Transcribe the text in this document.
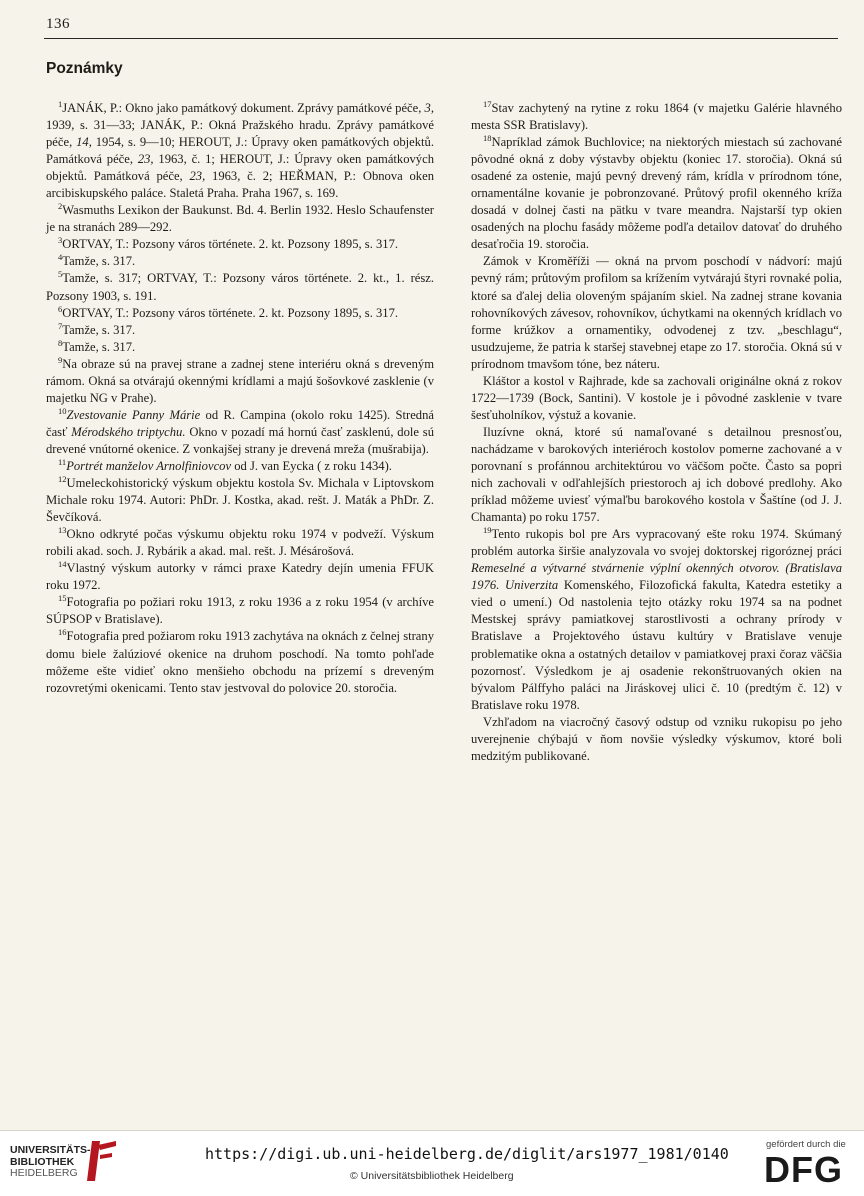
136
Poznámky

$^1$JANÁK, P.: Okno jako památkový dokument. Zprávy památkové péče, 3, 1939, s. 31—33; JANÁK, P.: Okná Pražského hradu. Zprávy památkové péče, 14, 1954, s. 9—10; HEROUT, J.: Úpravy oken památkových objektů. Památková péče, 23, 1963, č. 1; HEROUT, J.: Úpravy oken památkových objektů. Památková péče, 23, 1963, č. 2; HEŘMAN, P.: Obnova oken arcibiskupského paláce. Staletá Praha. Praha 1967, s. 169.

$^2$Wasmuths Lexikon der Baukunst. Bd. 4. Berlin 1932. Heslo Schaufenster je na stranách 289—292.

$^3$ORTVAY, T.: Pozsony város története. 2. kt. Pozsony 1895, s. 317.

$^4$Tamže, s. 317.

$^5$Tamže, s. 317; ORTVAY, T.: Pozsony város története. 2. kt., 1. rész. Pozsony 1903, s. 191.

$^6$ORTVAY, T.: Pozsony város története. 2. kt. Pozsony 1895, s. 317.

$^7$Tamže, s. 317.

$^8$Tamže, s. 317.

$^9$Na obraze sú na pravej strane a zadnej stene interiéru okná s dreveným rámom. Okná sa otvárajú okennými krídlami a majú šošovkové zasklenie (v majetku NG v Prahe).

$^{10}$Zvestovanie Panny Márie od R. Campina (okolo roku 1425). Stredná časť Mérodského triptychu. Okno v pozadí má hornú časť zasklenú, dole sú drevené vnútorné okenice. Z vonkajšej strany je drevená mreža (mušrabija).

$^{11}$Portrét manželov Arnolfiniovcov od J. van Eycka ( z roku 1434).

$^{12}$Umeleckohistorický výskum objektu kostola Sv. Michala v Liptovskom Michale roku 1974. Autori: PhDr. J. Kostka, akad. rešt. J. Maták a PhDr. Z. Ševčíková.

$^{13}$Okno odkryté počas výskumu objektu roku 1974 v podveží. Výskum robili akad. soch. J. Rybárik a akad. mal. rešt. J. Mésárošová.

$^{14}$Vlastný výskum autorky v rámci praxe Katedry dejín umenia FFUK roku 1972.

$^{15}$Fotografia po požiari roku 1913, z roku 1936 a z roku 1954 (v archíve SÚPSOP v Bratislave).

$^{16}$Fotografia pred požiarom roku 1913 zachytáva na oknách z čelnej strany domu biele žalúziové okenice na druhom poschodí. Na tomto pohľade môžeme ešte vidieť okno menšieho obchodu na prízemí s dreveným rozovretými okenicami. Tento stav jestvoval do polovice 20. storočia.

$^{17}$Stav zachytený na rytine z roku 1864 (v majetku Galérie hlavného mesta SSR Bratislavy).

$^{18}$Napríklad zámok Buchlovice; na niektorých miestach sú zachované pôvodné okná z doby výstavby objektu (koniec 17. storočia). Okná sú osadené za ostenie, majú pevný drevený rám, krídla v prírodnom tóne, ornamentálne kovanie je pobronzované. Průtový profil okenného kríža dosadá v dolnej časti na pätku v tvare meandra. Najstarší typ okien osadených na plochu fasády môžeme podľa detailov datovať do druhého desaťročia 19. storočia.

Zámok v Kroměříži — okná na prvom poschodí v nádvorí: majú pevný rám; průtovým profilom sa krížením vytvárajú štyri rovnaké polia, ktoré sa ďalej delia oloveným spájaním skiel. Na zadnej strane kovania rohovníkových závesov, rohovníkov, úchytkami na okenných krídlach vo forme krúžkov a ornamentiky, odvodenej z tzv. „beschlagu“, usudzujeme, že patria k staršej stavebnej etape zo 17. storočia. Okná sú v prírodnom tmavšom tóne, bez náteru.

Kláštor a kostol v Rajhrade, kde sa zachovali originálne okná z rokov 1722—1739 (Bock, Santini). V kostole je i pôvodné zasklenie v tvare šesťuholníkov, výstuž a kovanie.

Iluzívne okná, ktoré sú namaľované s detailnou presnosťou, nachádzame v barokových interiéroch kostolov pomerne zachované a v porovnaní s profánnou architektúrou vo väčšom počte. Často sa popri nich zachovali v odľahlejších priestoroch aj ich dobové predlohy. Ako príklad môžeme uviesť výmaľbu barokového kostola v Šaštíne (od J. J. Chamanta) po roku 1757.

$^{19}$Tento rukopis bol pre Ars vypracovaný ešte roku 1974. Skúmaný problém autorka širšie analyzovala vo svojej doktorskej rigoróznej práci Remeselné a výtvarné stvárnenie výplní okenných otvorov. (Bratislava 1976. Univerzita Komenského, Filozofická fakulta, Katedra estetiky a vied o umení.) Od nastolenia tejto otázky roku 1974 sa na podnet Mestskej správy pamiatkovej starostlivosti a ochrany prírody v Bratislave a Projektového ústavu kultúry v Bratislave venuje problematike okna a ostatných detailov v pamiatkovej praxi čoraz väčšia pozornosť. Výsledkom je aj osadenie rekonštruovaných okien na bývalom Pálffyho paláci na Jiráskovej ulici č. 10 (predtým č. 12) v Bratislave roku 1978.

Vzhľadom na viacročný časový odstup od vzniku rukopisu po jeho uverejnenie chýbajú v ňom novšie výsledky výskumov, ktoré boli medzitým publikované.

UNIVERSITÄTS-
BIBLIOTHEK
HEIDELBERG
https://digi.ub.uni-heidelberg.de/diglit/ars1977_1981/0140
© Universitätsbibliothek Heidelberg
gefördert durch die
DFG
